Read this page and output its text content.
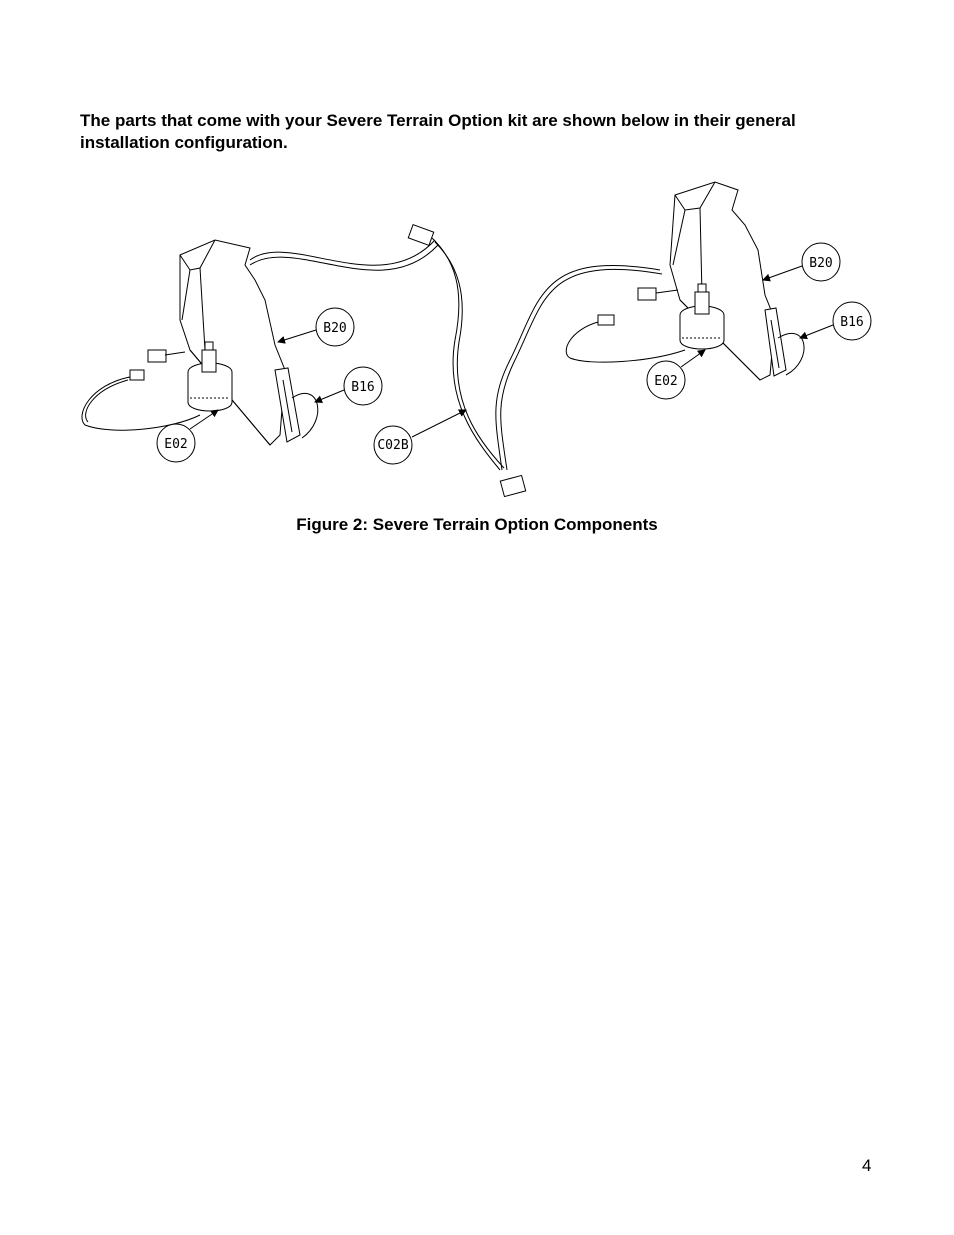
The parts that come with your Severe Terrain Option kit are shown below in their general installation configuration.

B20
B16
E02	C02B
B20
B16
E02

Figure 2: Severe Terrain Option Components

4
